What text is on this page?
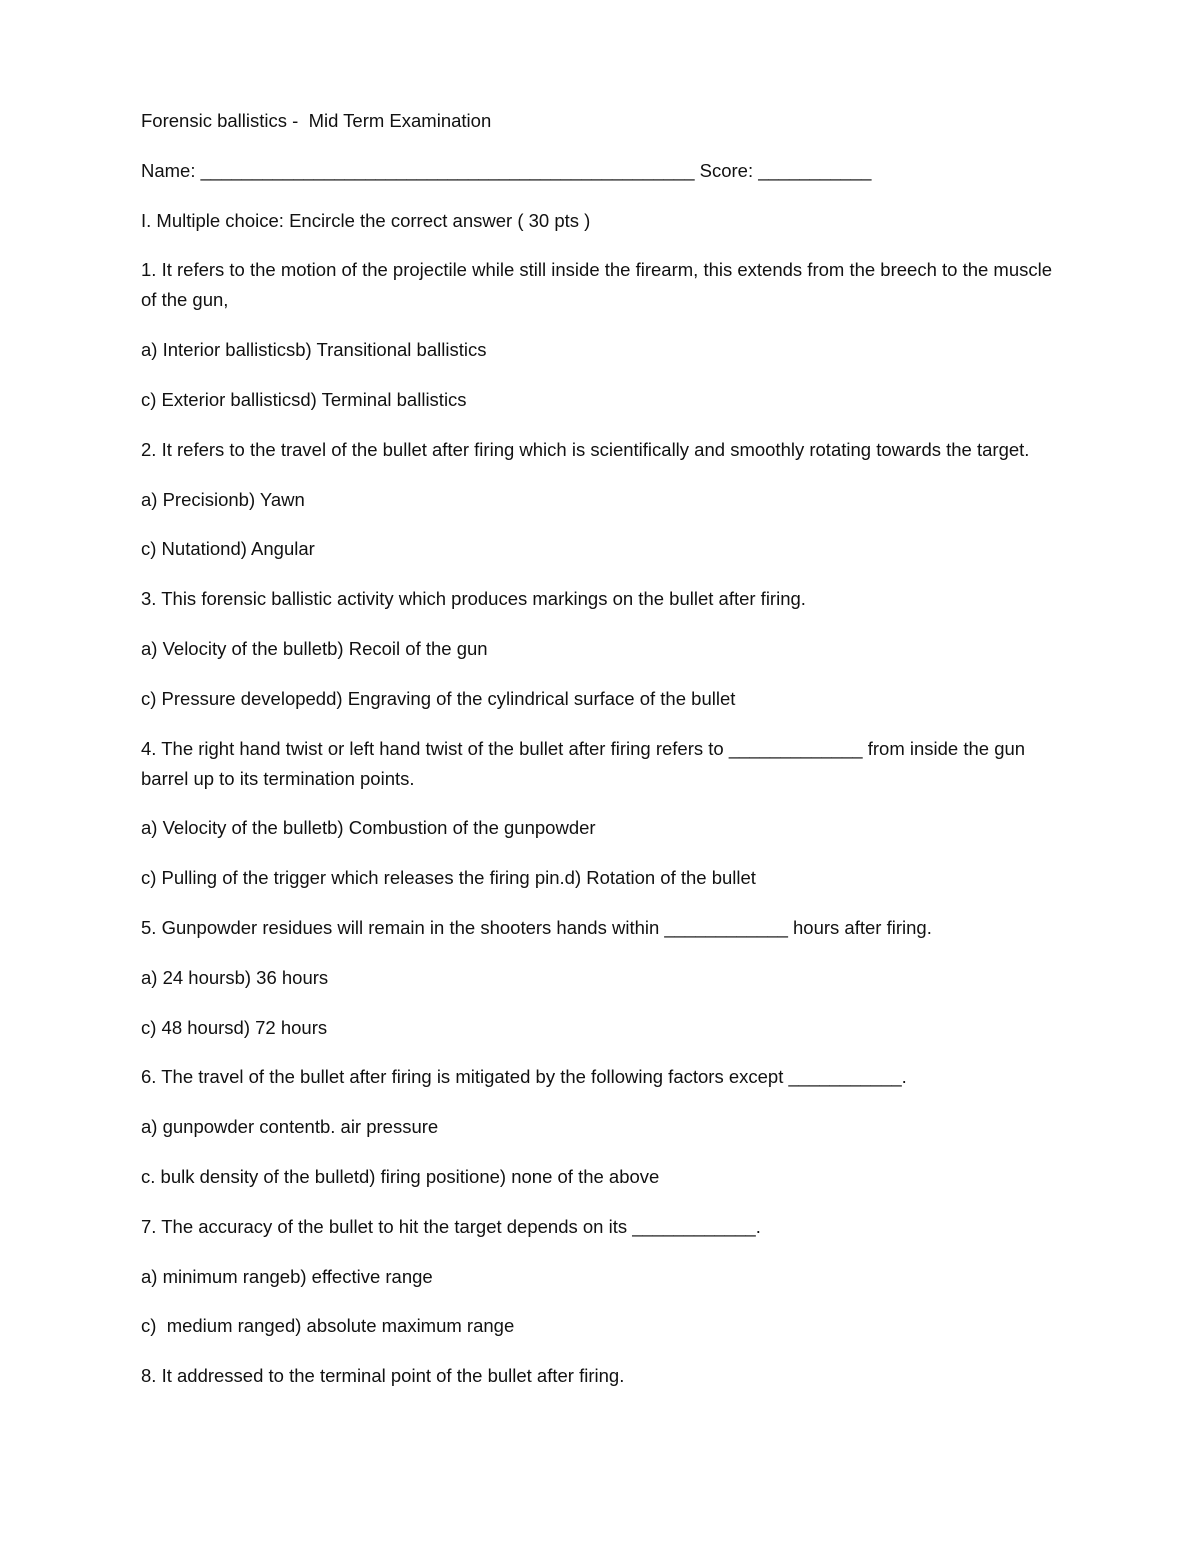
Forensic ballistics -  Mid Term Examination

Name: ________________________________________________ Score: ___________

I. Multiple choice: Encircle the correct answer ( 30 pts )

1. It refers to the motion of the projectile while still inside the firearm, this extends from the breech to the muscle of the gun,

a) Interior ballisticsb) Transitional ballistics

c) Exterior ballisticsd) Terminal ballistics

2. It refers to the travel of the bullet after firing which is scientifically and smoothly rotating towards the target.

a) Precisionb) Yawn

c) Nutationd) Angular

3. This forensic ballistic activity which produces markings on the bullet after firing.

a) Velocity of the bulletb) Recoil of the gun

c) Pressure developedd) Engraving of the cylindrical surface of the bullet

4. The right hand twist or left hand twist of the bullet after firing refers to _____________ from inside the gun barrel up to its termination points.

a) Velocity of the bulletb) Combustion of the gunpowder

c) Pulling of the trigger which releases the firing pin.d) Rotation of the bullet

5. Gunpowder residues will remain in the shooters hands within ____________ hours after firing.

a) 24 hoursb) 36 hours

c) 48 hoursd) 72 hours

6. The travel of the bullet after firing is mitigated by the following factors except ___________.

a) gunpowder contentb. air pressure

c. bulk density of the bulletd) firing positione) none of the above

7. The accuracy of the bullet to hit the target depends on its ____________.

a) minimum rangeb) effective range

c)  medium ranged) absolute maximum range

8. It addressed to the terminal point of the bullet after firing.
